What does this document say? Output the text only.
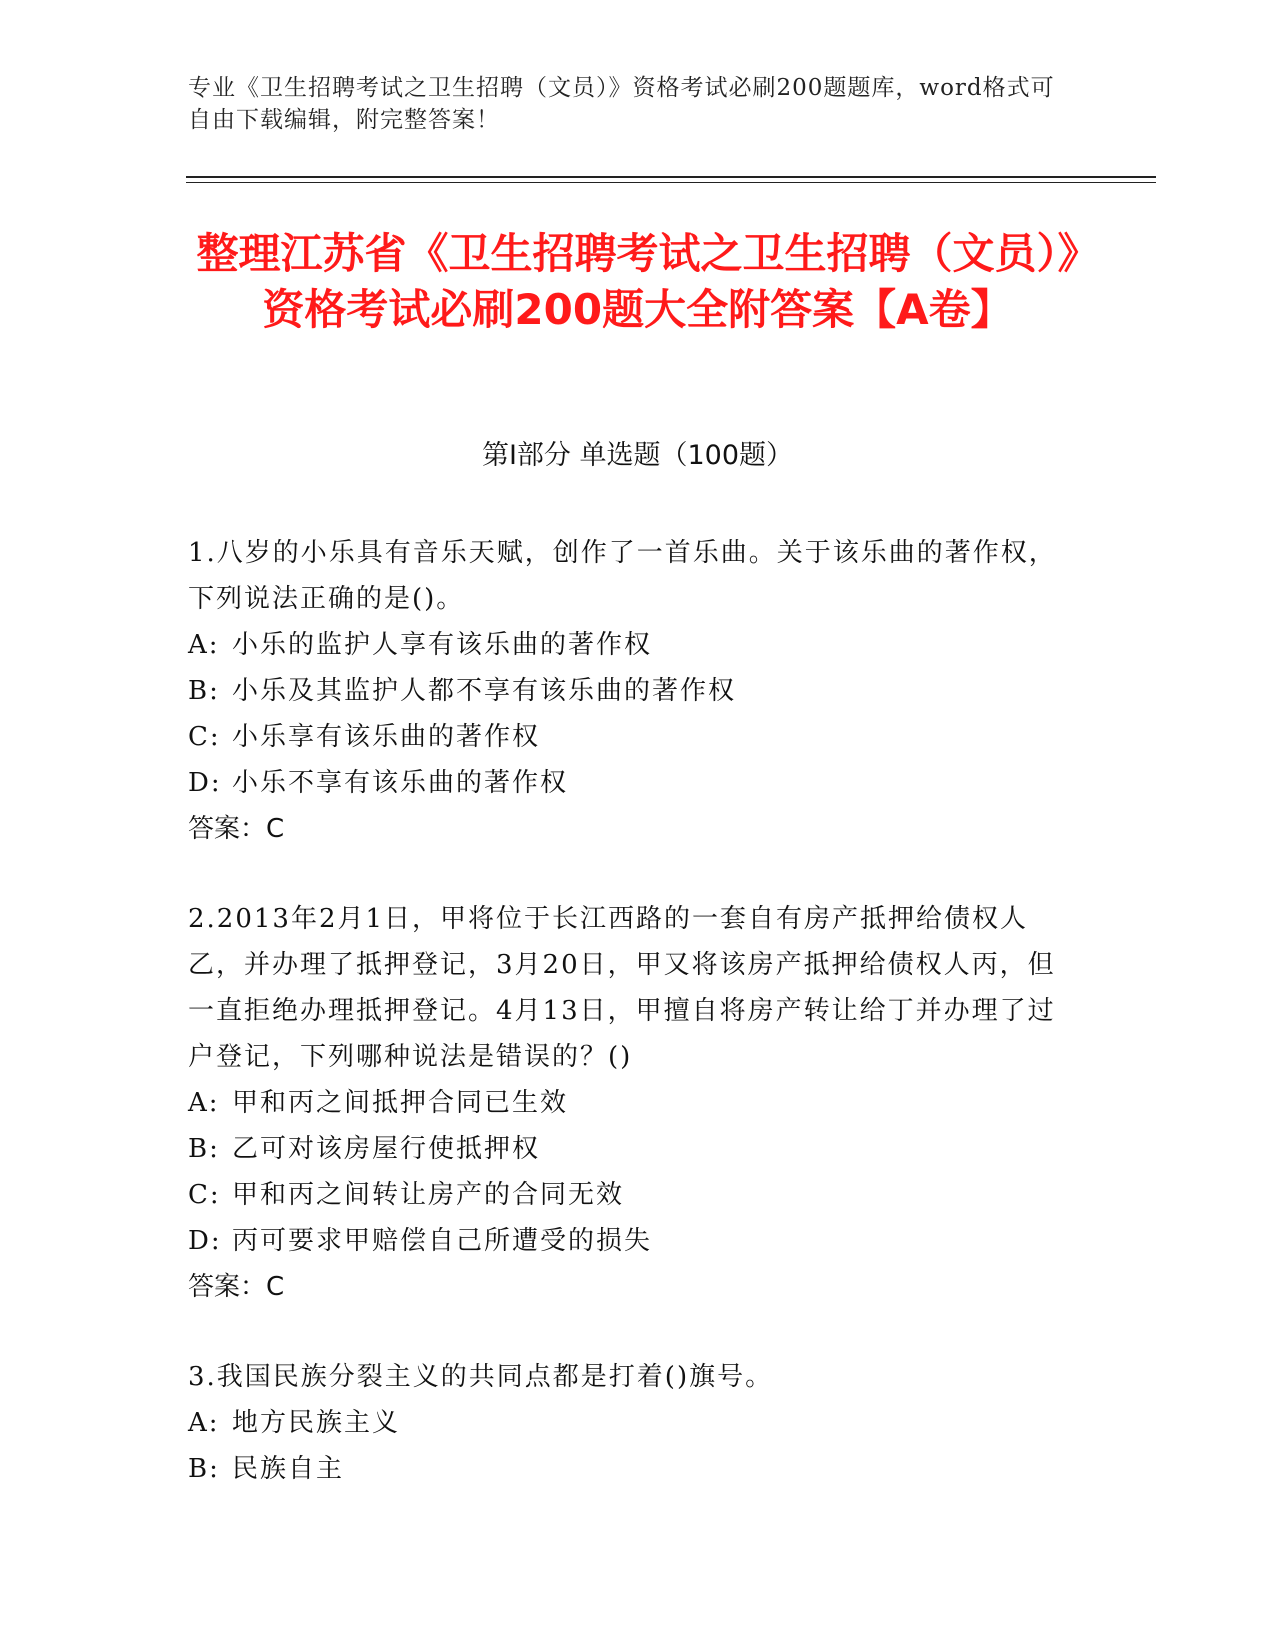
专业《卫生招聘考试之卫生招聘（文员）》资格考试必刷200题题库，word格式可自由下载编辑，附完整答案！
整理江苏省《卫生招聘考试之卫生招聘（文员）》资格考试必刷200题大全附答案【A卷】
第I部分 单选题（100题）

1.八岁的小乐具有音乐天赋，创作了一首乐曲。关于该乐曲的著作权，下列说法正确的是()。

A: 小乐的监护人享有该乐曲的著作权

B: 小乐及其监护人都不享有该乐曲的著作权

C: 小乐享有该乐曲的著作权

D: 小乐不享有该乐曲的著作权

答案：C

2.2013年2月1日，甲将位于长江西路的一套自有房产抵押给债权人乙，并办理了抵押登记，3月20日，甲又将该房产抵押给债权人丙，但一直拒绝办理抵押登记。4月13日，甲擅自将房产转让给丁并办理了过户登记，下列哪种说法是错误的？()

A: 甲和丙之间抵押合同已生效

B: 乙可对该房屋行使抵押权

C: 甲和丙之间转让房产的合同无效

D: 丙可要求甲赔偿自己所遭受的损失

答案：C

3.我国民族分裂主义的共同点都是打着()旗号。

A: 地方民族主义

B: 民族自主
